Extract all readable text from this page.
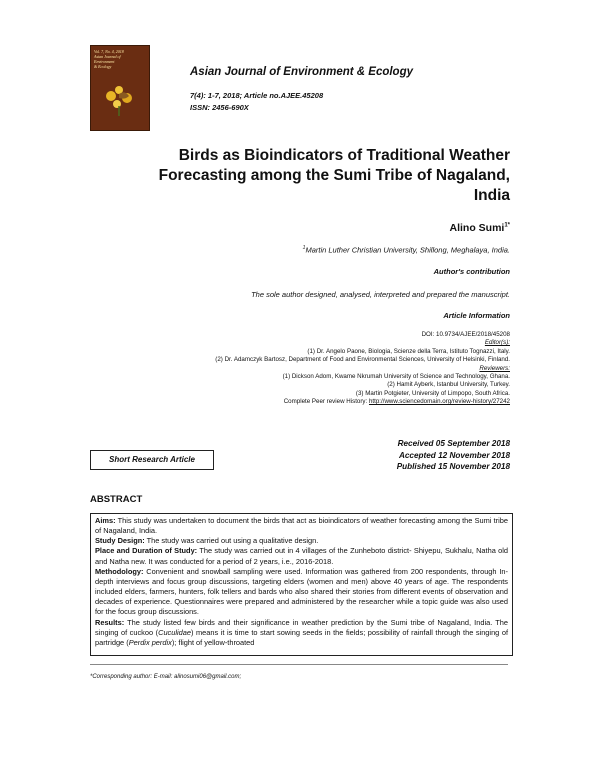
Vol. 7, No. 4, 2018
Asian Journal of
Environment
& Ecology	Asian Journal of Environment & Ecology
7(4): 1-7, 2018; Article no.AJEE.45208
ISSN: 2456-690X
Birds as Bioindicators of Traditional Weather
Forecasting among the Sumi Tribe of Nagaland,
India
Alino Sumi$^{1*}$
$^1$Martin Luther Christian University, Shillong, Meghalaya, India.
Author's contribution
The sole author designed, analysed, interpreted and prepared the manuscript.
Article Information
DOI: 10.9734/AJEE/2018/45208
Editor(s):
(1) Dr. Angelo Paone, Biologia, Scienze della Terra, Istituto Tognazzi, Italy.
(2) Dr. Adamczyk Bartosz, Department of Food and Environmental Sciences, University of Helsinki, Finland.
Reviewers:
(1) Dickson Adom, Kwame Nkrumah University of Science and Technology, Ghana.
(2) Hamit Ayberk, Istanbul University, Turkey.
(3) Martin Potgieter, University of Limpopo, South Africa.
Complete Peer review History: http://www.sciencedomain.org/review-history/27242
Short Research Article
Received 05 September 2018
Accepted 12 November 2018
Published 15 November 2018
ABSTRACT

Aims: This study was undertaken to document the birds that act as bioindicators of weather forecasting among the Sumi tribe of Nagaland, India.

Study Design: The study was carried out using a qualitative design.

Place and Duration of Study: The study was carried out in 4 villages of the Zunheboto district- Shiyepu, Sukhalu, Natha old and Natha new. It was conducted for a period of 2 years, i.e., 2016-2018.

Methodology: Convenient and snowball sampling were used. Information was gathered from 200 respondents, through In-depth interviews and focus group discussions, targeting elders (women and men) above 40 years of age. The respondents included elders, farmers, hunters, folk tellers and bards who also shared their stories from different events of observation and decades of experience. Questionnaires were prepared and administered by the researcher while a topic guide was also used for the focus group discussions.

Results: The study listed few birds and their significance in weather prediction by the Sumi tribe of Nagaland, India. The singing of cuckoo (Cuculidae) means it is time to start sowing seeds in the fields; possibility of rainfall through the singing of partridge (Perdix perdix); flight of yellow-throated

*Corresponding author: E-mail: alinosumi06@gmail.com;
